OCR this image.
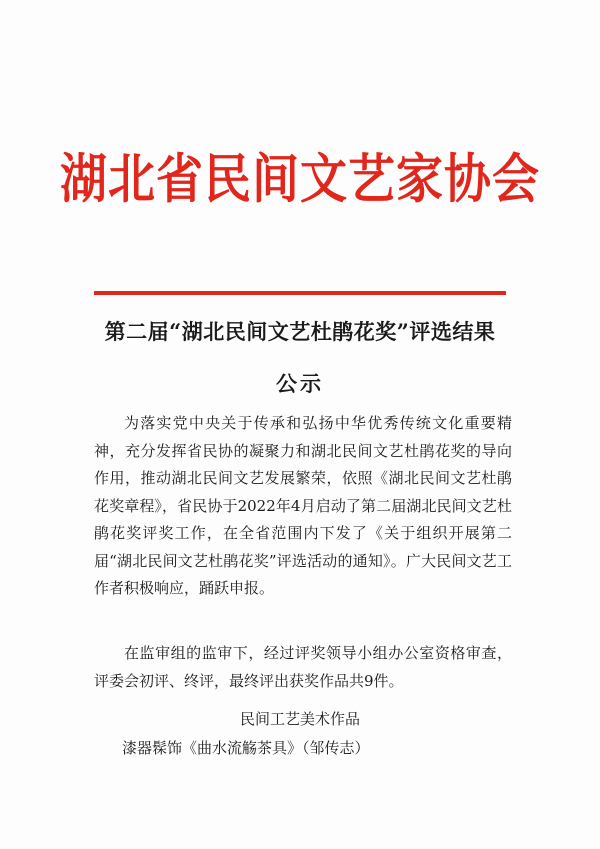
湖北省民间文艺家协会
第二届“湖北民间文艺杜鹃花奖”评选结果
公示

为落实党中央关于传承和弘扬中华优秀传统文化重要精神，充分发挥省民协的凝聚力和湖北民间文艺杜鹃花奖的导向作用，推动湖北民间文艺发展繁荣，依照《湖北民间文艺杜鹃花奖章程》，省民协于2022年4月启动了第二届湖北民间文艺杜鹃花奖评奖工作，在全省范围内下发了《关于组织开展第二届“湖北民间文艺杜鹃花奖”评选活动的通知》。广大民间文艺工作者积极响应，踊跃申报。

在监审组的监审下，经过评奖领导小组办公室资格审查，评委会初评、终评，最终评出获奖作品共9件。

民间工艺美术作品
漆器髹饰《曲水流觞茶具》（邹传志）
